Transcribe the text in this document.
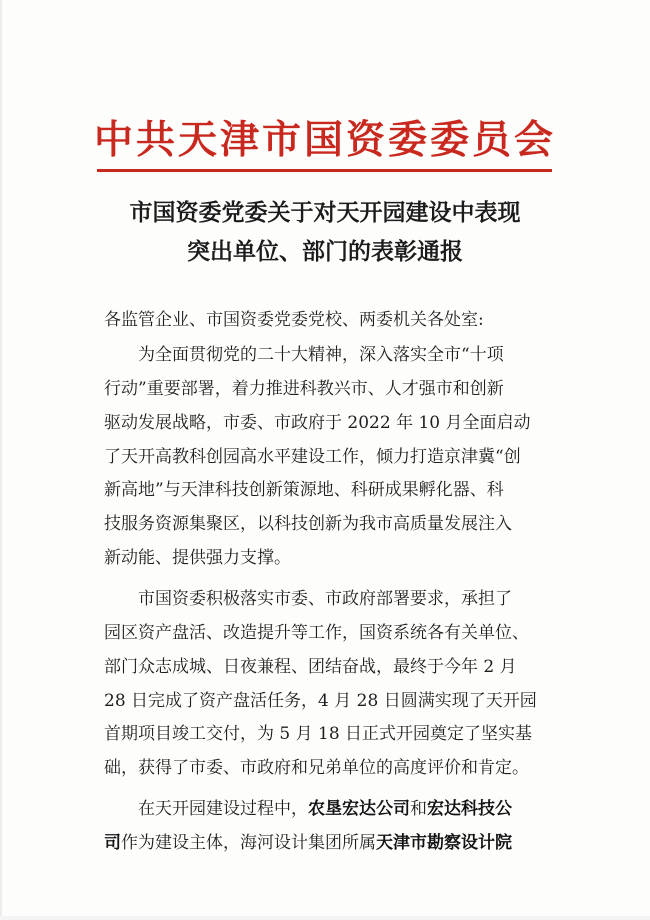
中共天津市国资委委员会
市国资委党委关于对天开园建设中表现
突出单位、部门的表彰通报
各监管企业、市国资委党委党校、两委机关各处室:
为全面贯彻党的二十大精神，深入落实全市“十项
行动”重要部署，着力推进科教兴市、人才强市和创新
驱动发展战略，市委、市政府于 2022 年 10 月全面启动
了天开高教科创园高水平建设工作，倾力打造京津冀“创
新高地”与天津科技创新策源地、科研成果孵化器、科
技服务资源集聚区，以科技创新为我市高质量发展注入
新动能、提供强力支撑。
市国资委积极落实市委、市政府部署要求，承担了
园区资产盘活、改造提升等工作，国资系统各有关单位、
部门众志成城、日夜兼程、团结奋战，最终于今年 2 月
28 日完成了资产盘活任务，4 月 28 日圆满实现了天开园
首期项目竣工交付，为 5 月 18 日正式开园奠定了坚实基
础，获得了市委、市政府和兄弟单位的高度评价和肯定。
在天开园建设过程中，农垦宏达公司和宏达科技公
司作为建设主体，海河设计集团所属天津市勘察设计院
